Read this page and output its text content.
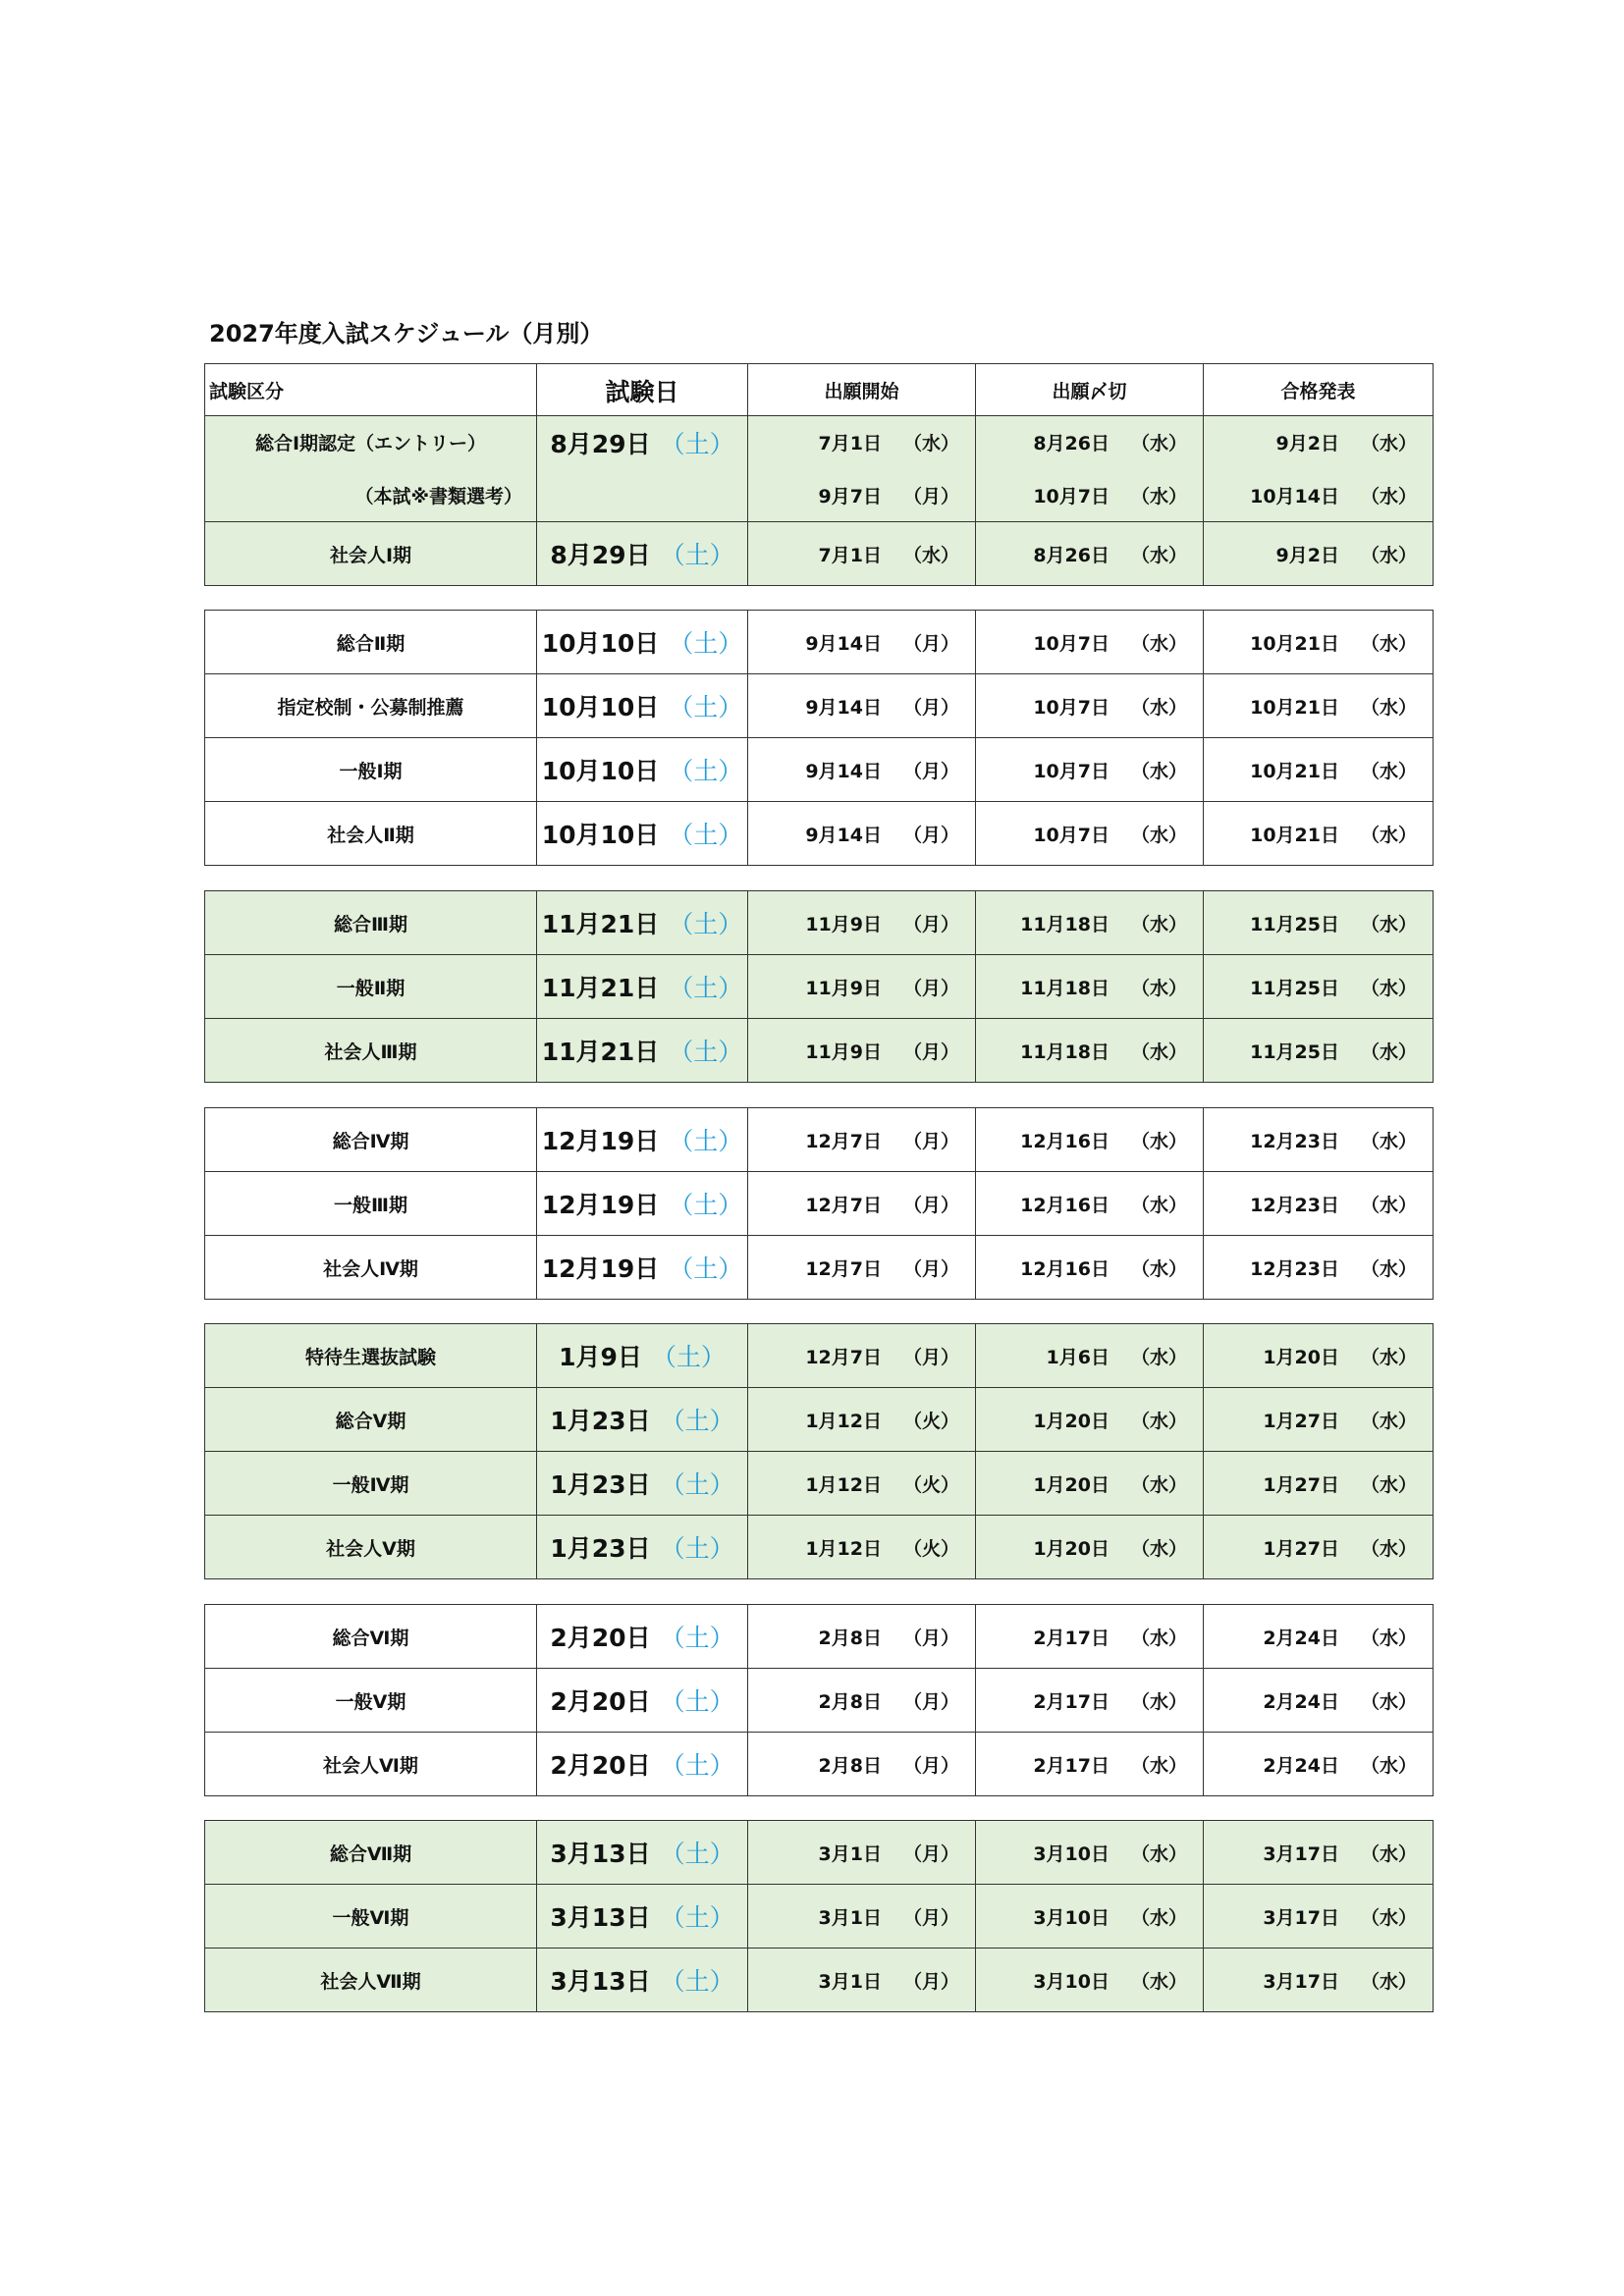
2027年度入試スケジュール（月別）
試験区分	試験日	出願開始	出願〆切	合格発表
総合Ⅰ期認定（エントリー）	8月29日 （土）	7月1日 （水）	8月26日 （水）	9月2日 （水）
（本試※書類選考）		9月7日 （月）	10月7日 （水）	10月14日 （水）
社会人Ⅰ期	8月29日 （土）	7月1日 （水）	8月26日 （水）	9月2日 （水）
総合Ⅱ期	10月10日 （土）	9月14日 （月）	10月7日 （水）	10月21日 （水）
指定校制・公募制推薦	10月10日 （土）	9月14日 （月）	10月7日 （水）	10月21日 （水）
一般Ⅰ期	10月10日 （土）	9月14日 （月）	10月7日 （水）	10月21日 （水）
社会人Ⅱ期	10月10日 （土）	9月14日 （月）	10月7日 （水）	10月21日 （水）
総合Ⅲ期	11月21日 （土）	11月9日 （月）	11月18日 （水）	11月25日 （水）
一般Ⅱ期	11月21日 （土）	11月9日 （月）	11月18日 （水）	11月25日 （水）
社会人Ⅲ期	11月21日 （土）	11月9日 （月）	11月18日 （水）	11月25日 （水）
総合Ⅳ期	12月19日 （土）	12月7日 （月）	12月16日 （水）	12月23日 （水）
一般Ⅲ期	12月19日 （土）	12月7日 （月）	12月16日 （水）	12月23日 （水）
社会人Ⅳ期	12月19日 （土）	12月7日 （月）	12月16日 （水）	12月23日 （水）
特待生選抜試験	1月9日 （土）	12月7日 （月）	1月6日 （水）	1月20日 （水）
総合Ⅴ期	1月23日 （土）	1月12日 （火）	1月20日 （水）	1月27日 （水）
一般Ⅳ期	1月23日 （土）	1月12日 （火）	1月20日 （水）	1月27日 （水）
社会人Ⅴ期	1月23日 （土）	1月12日 （火）	1月20日 （水）	1月27日 （水）
総合Ⅵ期	2月20日 （土）	2月8日 （月）	2月17日 （水）	2月24日 （水）
一般Ⅴ期	2月20日 （土）	2月8日 （月）	2月17日 （水）	2月24日 （水）
社会人Ⅵ期	2月20日 （土）	2月8日 （月）	2月17日 （水）	2月24日 （水）
総合Ⅶ期	3月13日 （土）	3月1日 （月）	3月10日 （水）	3月17日 （水）
一般Ⅵ期	3月13日 （土）	3月1日 （月）	3月10日 （水）	3月17日 （水）
社会人Ⅶ期	3月13日 （土）	3月1日 （月）	3月10日 （水）	3月17日 （水）
